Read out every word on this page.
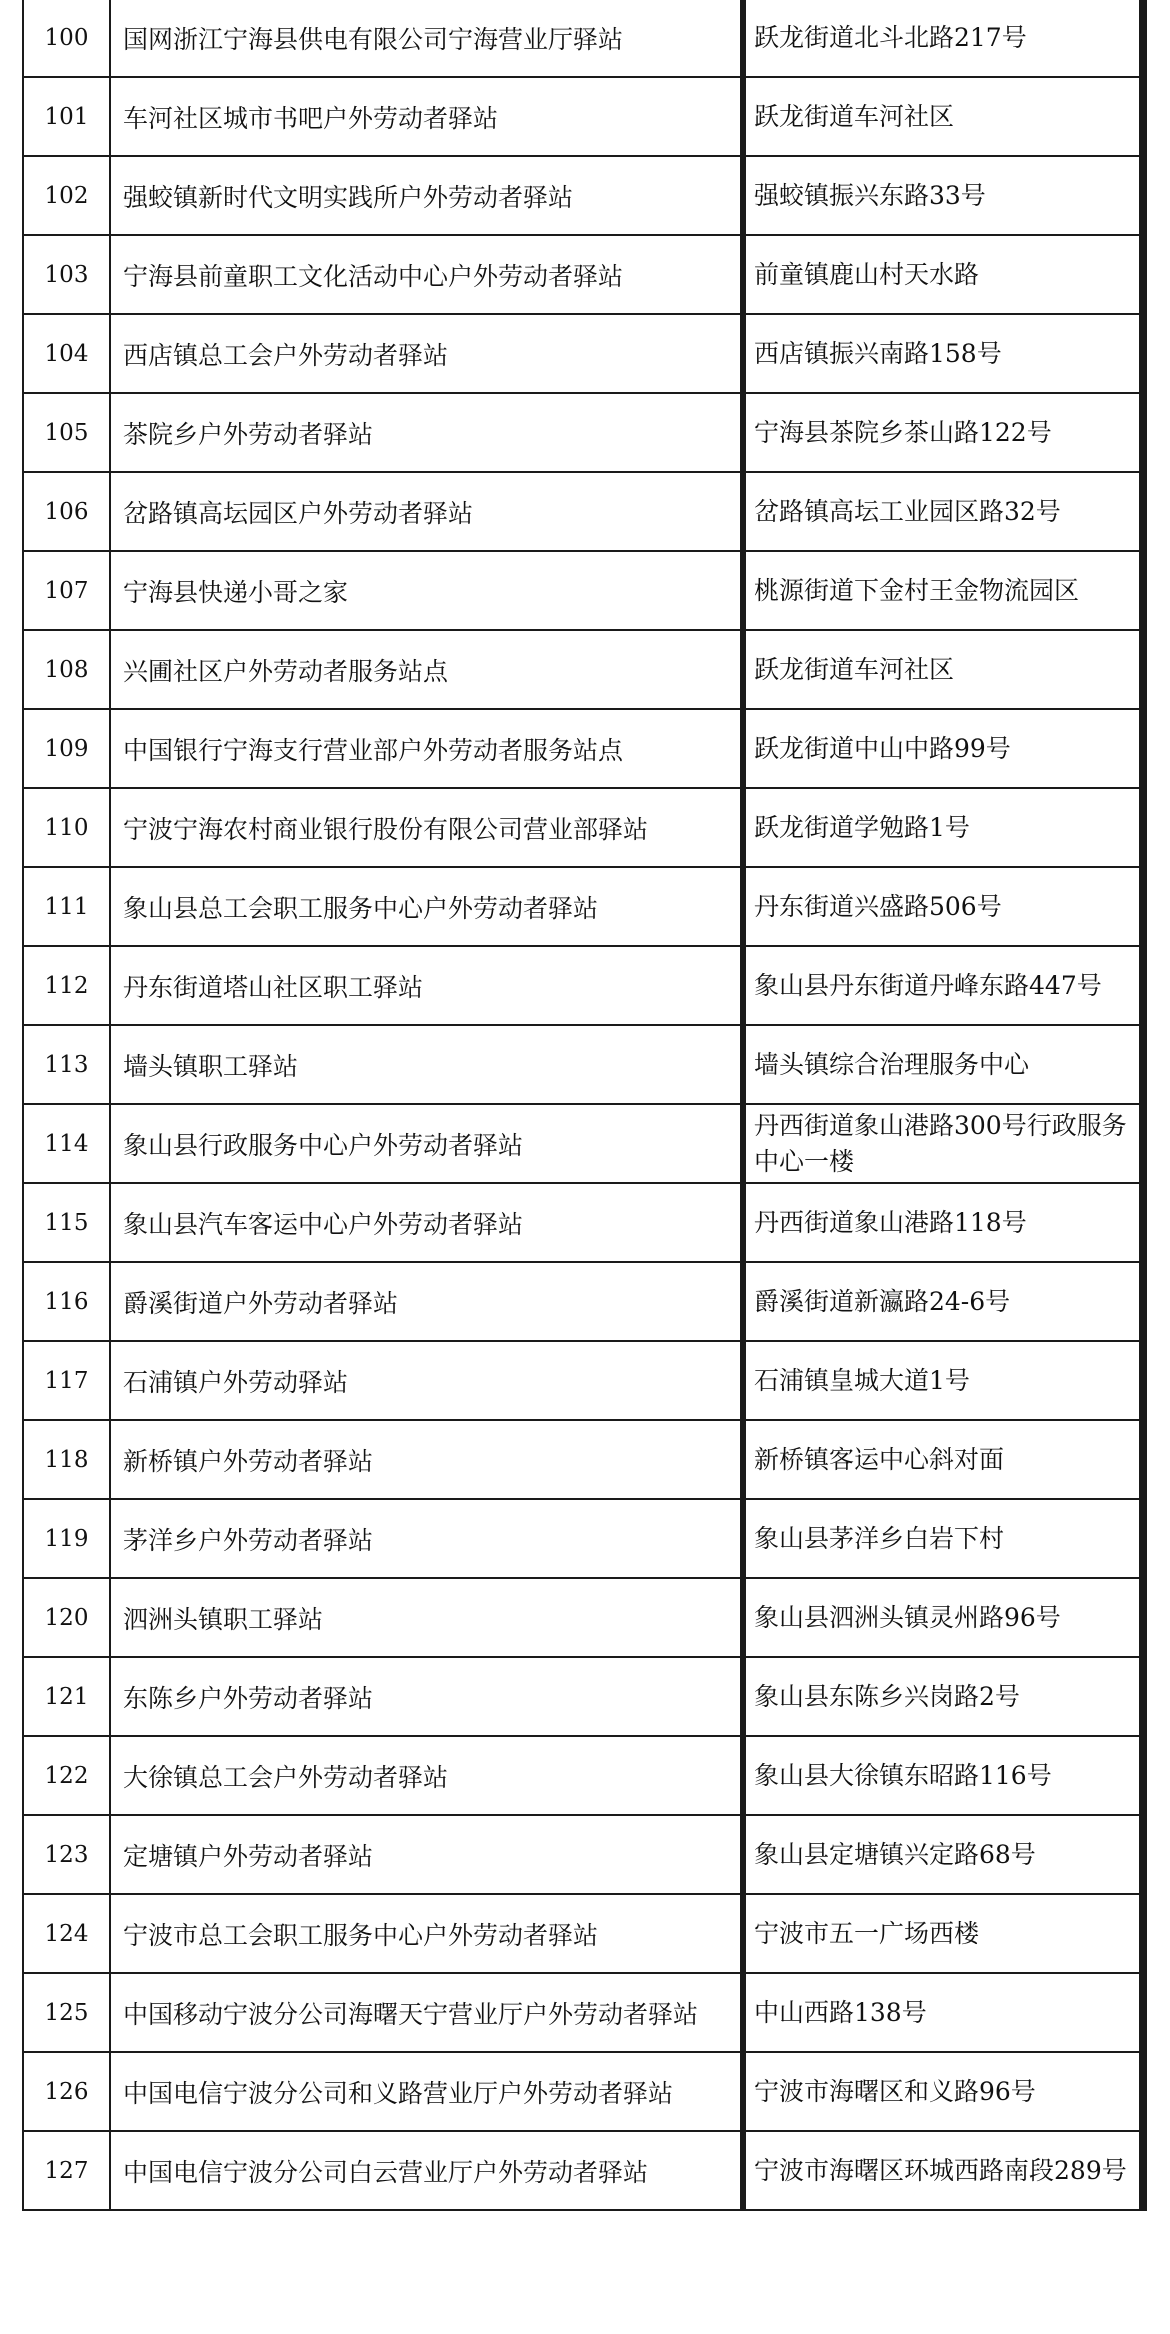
100	国网浙江宁海县供电有限公司宁海营业厅驿站	跃龙街道北斗北路217号	
101	车河社区城市书吧户外劳动者驿站	跃龙街道车河社区	
102	强蛟镇新时代文明实践所户外劳动者驿站	强蛟镇振兴东路33号	
103	宁海县前童职工文化活动中心户外劳动者驿站	前童镇鹿山村天水路	
104	西店镇总工会户外劳动者驿站	西店镇振兴南路158号	
105	茶院乡户外劳动者驿站	宁海县茶院乡茶山路122号	
106	岔路镇高坛园区户外劳动者驿站	岔路镇高坛工业园区路32号	
107	宁海县快递小哥之家	桃源街道下金村王金物流园区	
108	兴圃社区户外劳动者服务站点	跃龙街道车河社区	
109	中国银行宁海支行营业部户外劳动者服务站点	跃龙街道中山中路99号	
110	宁波宁海农村商业银行股份有限公司营业部驿站	跃龙街道学勉路1号	
111	象山县总工会职工服务中心户外劳动者驿站	丹东街道兴盛路506号	
112	丹东街道塔山社区职工驿站	象山县丹东街道丹峰东路447号	
113	墙头镇职工驿站	墙头镇综合治理服务中心	
114	象山县行政服务中心户外劳动者驿站	丹西街道象山港路300号行政服务中心一楼	
115	象山县汽车客运中心户外劳动者驿站	丹西街道象山港路118号	
116	爵溪街道户外劳动者驿站	爵溪街道新瀛路24-6号	
117	石浦镇户外劳动驿站	石浦镇皇城大道1号	
118	新桥镇户外劳动者驿站	新桥镇客运中心斜对面	
119	茅洋乡户外劳动者驿站	象山县茅洋乡白岩下村	
120	泗洲头镇职工驿站	象山县泗洲头镇灵州路96号	
121	东陈乡户外劳动者驿站	象山县东陈乡兴岗路2号	
122	大徐镇总工会户外劳动者驿站	象山县大徐镇东昭路116号	
123	定塘镇户外劳动者驿站	象山县定塘镇兴定路68号	
124	宁波市总工会职工服务中心户外劳动者驿站	宁波市五一广场西楼	
125	中国移动宁波分公司海曙天宁营业厅户外劳动者驿站	中山西路138号	
126	中国电信宁波分公司和义路营业厅户外劳动者驿站	宁波市海曙区和义路96号	
127	中国电信宁波分公司白云营业厅户外劳动者驿站	宁波市海曙区环城西路南段289号	
